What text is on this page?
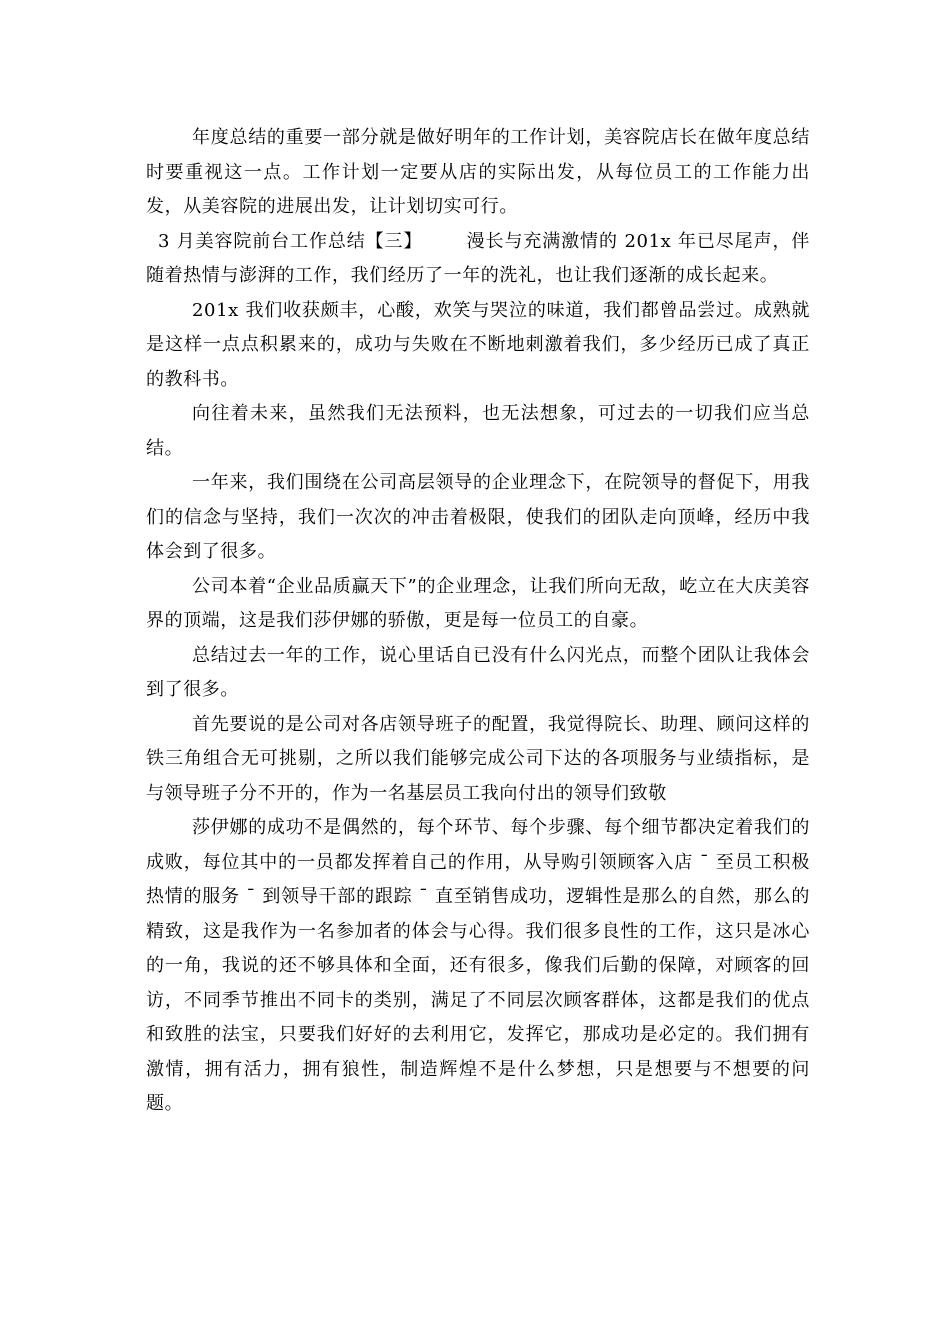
年度总结的重要一部分就是做好明年的工作计划，美容院店长在做年度总结时要重视这一点。工作计划一定要从店的实际出发，从每位员工的工作能力出发，从美容院的进展出发，让计划切实可行。

3 月美容院前台工作总结【三】 漫长与充满激情的 201x 年已尽尾声，伴随着热情与澎湃的工作，我们经历了一年的洗礼，也让我们逐渐的成长起来。

201x 我们收获颇丰，心酸，欢笑与哭泣的味道，我们都曾品尝过。成熟就是这样一点点积累来的，成功与失败在不断地刺激着我们，多少经历已成了真正的教科书。

向往着未来，虽然我们无法预料，也无法想象，可过去的一切我们应当总结。

一年来，我们围绕在公司高层领导的企业理念下，在院领导的督促下，用我们的信念与坚持，我们一次次的冲击着极限，使我们的团队走向顶峰，经历中我体会到了很多。

公司本着“企业品质赢天下”的企业理念，让我们所向无敌，屹立在大庆美容界的顶端，这是我们莎伊娜的骄傲，更是每一位员工的自豪。

总结过去一年的工作，说心里话自已没有什么闪光点，而整个团队让我体会到了很多。

首先要说的是公司对各店领导班子的配置，我觉得院长、助理、顾问这样的铁三角组合无可挑剔，之所以我们能够完成公司下达的各项服务与业绩指标，是与领导班子分不开的，作为一名基层员工我向付出的领导们致敬

莎伊娜的成功不是偶然的，每个环节、每个步骤、每个细节都决定着我们的成败，每位其中的一员都发挥着自己的作用，从导购引领顾客入店 ¯ 至员工积极热情的服务 ¯ 到领导干部的跟踪 ¯ 直至销售成功，逻辑性是那么的自然，那么的精致，这是我作为一名参加者的体会与心得。我们很多良性的工作，这只是冰心的一角，我说的还不够具体和全面，还有很多，像我们后勤的保障，对顾客的回访，不同季节推出不同卡的类别，满足了不同层次顾客群体，这都是我们的优点和致胜的法宝，只要我们好好的去利用它，发挥它，那成功是必定的。我们拥有激情，拥有活力，拥有狼性，制造辉煌不是什么梦想，只是想要与不想要的问题。
